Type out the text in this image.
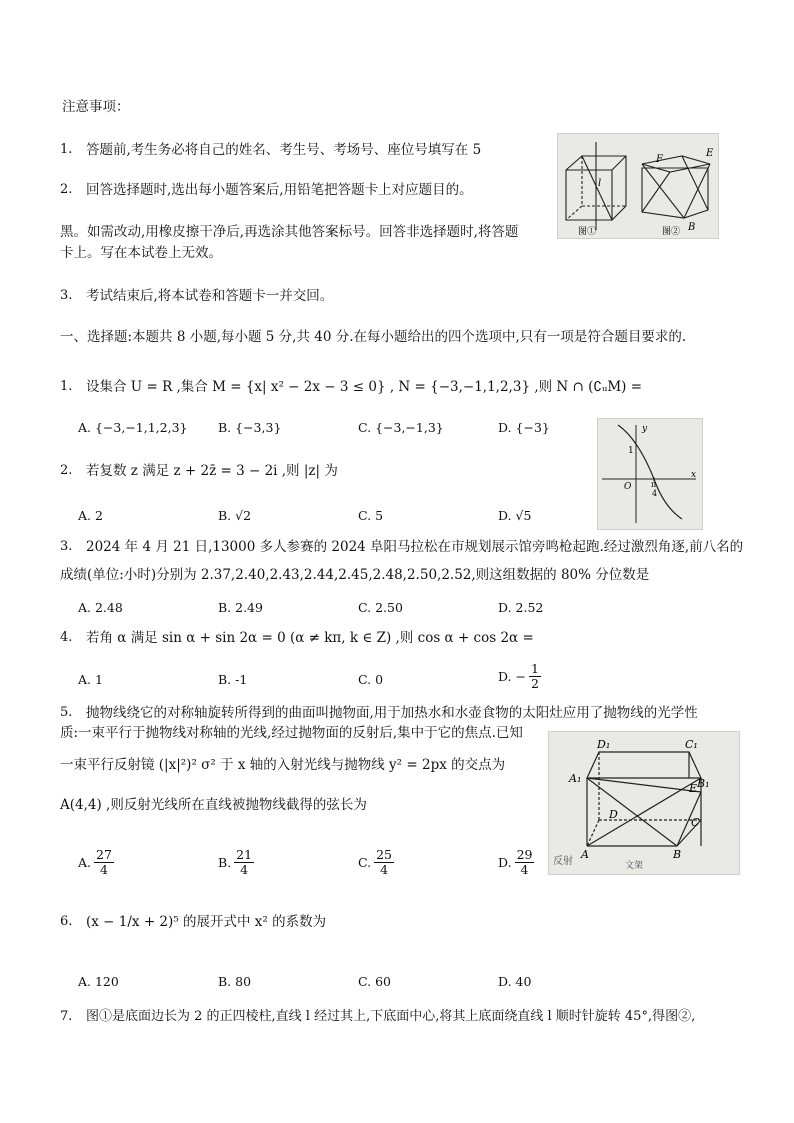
注意事项：
1. 答题前,考生务必将自己的姓名、考生号、考场号、座位号填写在 5
2. 回答选择题时,选出每小题答案后,用铅笔把答题卡上对应题目的。
黑。如需改动,用橡皮擦干净后,再选涂其他答案标号。回答非选择题时,将答题
卡上。写在本试卷上无效。
3. 考试结束后,将本试卷和答题卡一并交回。
l
F
E
B
图①	图②
一、选择题:本题共 8 小题,每小题 5 分,共 40 分.在每小题给出的四个选项中,只有一项是符合题目要求的.
1. 设集合 U = R ,集合 M = {x| x² − 2x − 3 ≤ 0} , N = {−3,−1,1,2,3} ,则 N ∩ (∁ᵤM) =
A. {−3,−1,1,2,3} B. {−3,3}	C. {−3,−1,3}	D. {−3}	y
1
O
x
π
4
2. 若复数 z 满足 z + 2z̄ = 3 − 2i ,则 |z| 为
A. 2	B. √2	C. 5	D. √5
3. 2024 年 4 月 21 日,13000 多人参赛的 2024 阜阳马拉松在市规划展示馆旁鸣枪起跑.经过激烈角逐,前八名的
成绩(单位:小时)分别为 2.37,2.40,2.43,2.44,2.45,2.48,2.50,2.52,则这组数据的 80% 分位数是
A. 2.48	B. 2.49	C. 2.50	D. 2.52
4. 若角 α 满足 sin α + sin 2α = 0 (α ≠ kπ, k ∈ Z) ,则 cos α + cos 2α =
A. 1	B. -1	C. 0	D. − $\frac{1}{2}$
5. 抛物线绕它的对称轴旋转所得到的曲面叫抛物面,用于加热水和水壶食物的太阳灶应用了抛物线的光学性
质:一束平行于抛物线对称轴的光线,经过抛物面的反射后,集中于它的焦点.已知
一束平行反射镜 (|x|²)² σ² 于 x 轴的入射光线与抛物线 y² = 2px 的交点为
A(4,4) ,则反射光线所在直线被抛物线截得的弦长为
D₁	C₁
A₁	B₁
E
D
C
A	B
反射	文架
A. $\frac{27}{4}$	B. $\frac{21}{4}$	C. $\frac{25}{4}$	D. $\frac{29}{4}$
6. (x − 1/x + 2)⁵ 的展开式中 x² 的系数为
A. 120	B. 80	C. 60	D. 40
7. 图①是底面边长为 2 的正四棱柱,直线 l 经过其上,下底面中心,将其上底面绕直线 l 顺时针旋转 45°,得图②,
